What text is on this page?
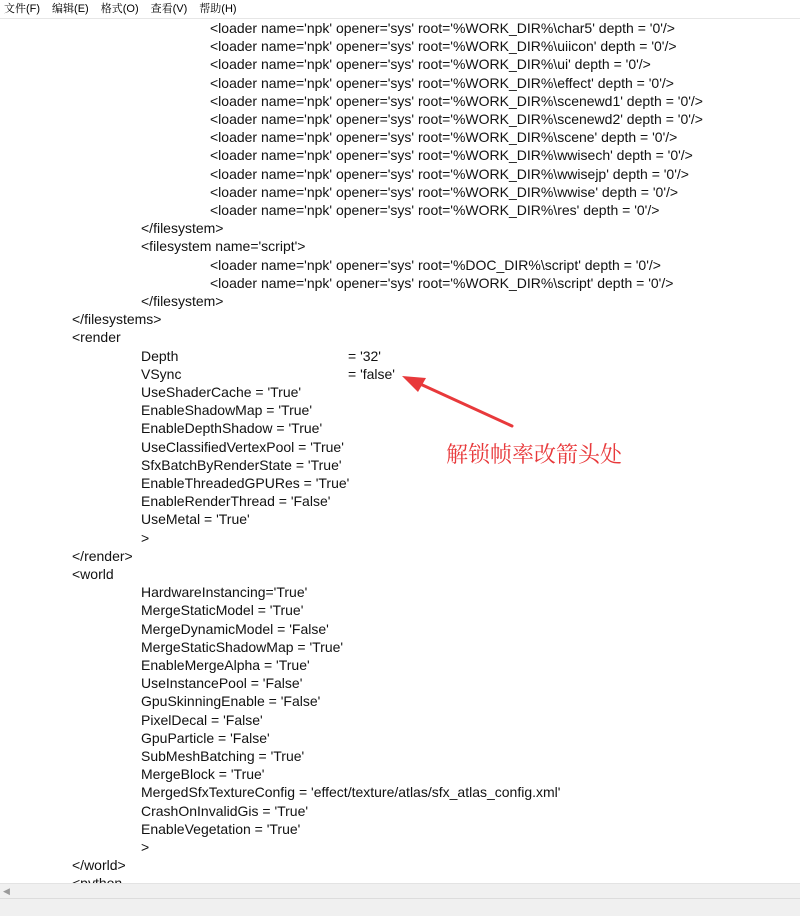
文件(F)	编辑(E)	格式(O)	查看(V)	帮助(H)
<loader name='npk' opener='sys' root='%WORK_DIR%\char5' depth = '0'/>
<loader name='npk' opener='sys' root='%WORK_DIR%\uiicon' depth = '0'/>
<loader name='npk' opener='sys' root='%WORK_DIR%\ui' depth = '0'/>
<loader name='npk' opener='sys' root='%WORK_DIR%\effect' depth = '0'/>
<loader name='npk' opener='sys' root='%WORK_DIR%\scenewd1' depth = '0'/>
<loader name='npk' opener='sys' root='%WORK_DIR%\scenewd2' depth = '0'/>
<loader name='npk' opener='sys' root='%WORK_DIR%\scene' depth = '0'/>
<loader name='npk' opener='sys' root='%WORK_DIR%\wwisech' depth = '0'/>
<loader name='npk' opener='sys' root='%WORK_DIR%\wwisejp' depth = '0'/>
<loader name='npk' opener='sys' root='%WORK_DIR%\wwise' depth = '0'/>
<loader name='npk' opener='sys' root='%WORK_DIR%\res' depth = '0'/>
</filesystem>
<filesystem name='script'>
<loader name='npk' opener='sys' root='%DOC_DIR%\script' depth = '0'/>
<loader name='npk' opener='sys' root='%WORK_DIR%\script' depth = '0'/>
</filesystem>
</filesystems>
<render
Depth	= '32'
VSync	= 'false'
UseShaderCache = 'True'
EnableShadowMap = 'True'
EnableDepthShadow = 'True'
UseClassifiedVertexPool = 'True'
SfxBatchByRenderState = 'True'
EnableThreadedGPURes = 'True'
EnableRenderThread = 'False'
UseMetal = 'True'
>
</render>
<world
HardwareInstancing='True'
MergeStaticModel = 'True'
MergeDynamicModel = 'False'
MergeStaticShadowMap = 'True'
EnableMergeAlpha = 'True'
UseInstancePool = 'False'
GpuSkinningEnable = 'False'
PixelDecal = 'False'
GpuParticle = 'False'
SubMeshBatching = 'True'
MergeBlock = 'True'
MergedSfxTextureConfig = 'effect/texture/atlas/sfx_atlas_config.xml'
CrashOnInvalidGis = 'True'
EnableVegetation = 'True'
>
</world>
解锁帧率改箭头处
◀
